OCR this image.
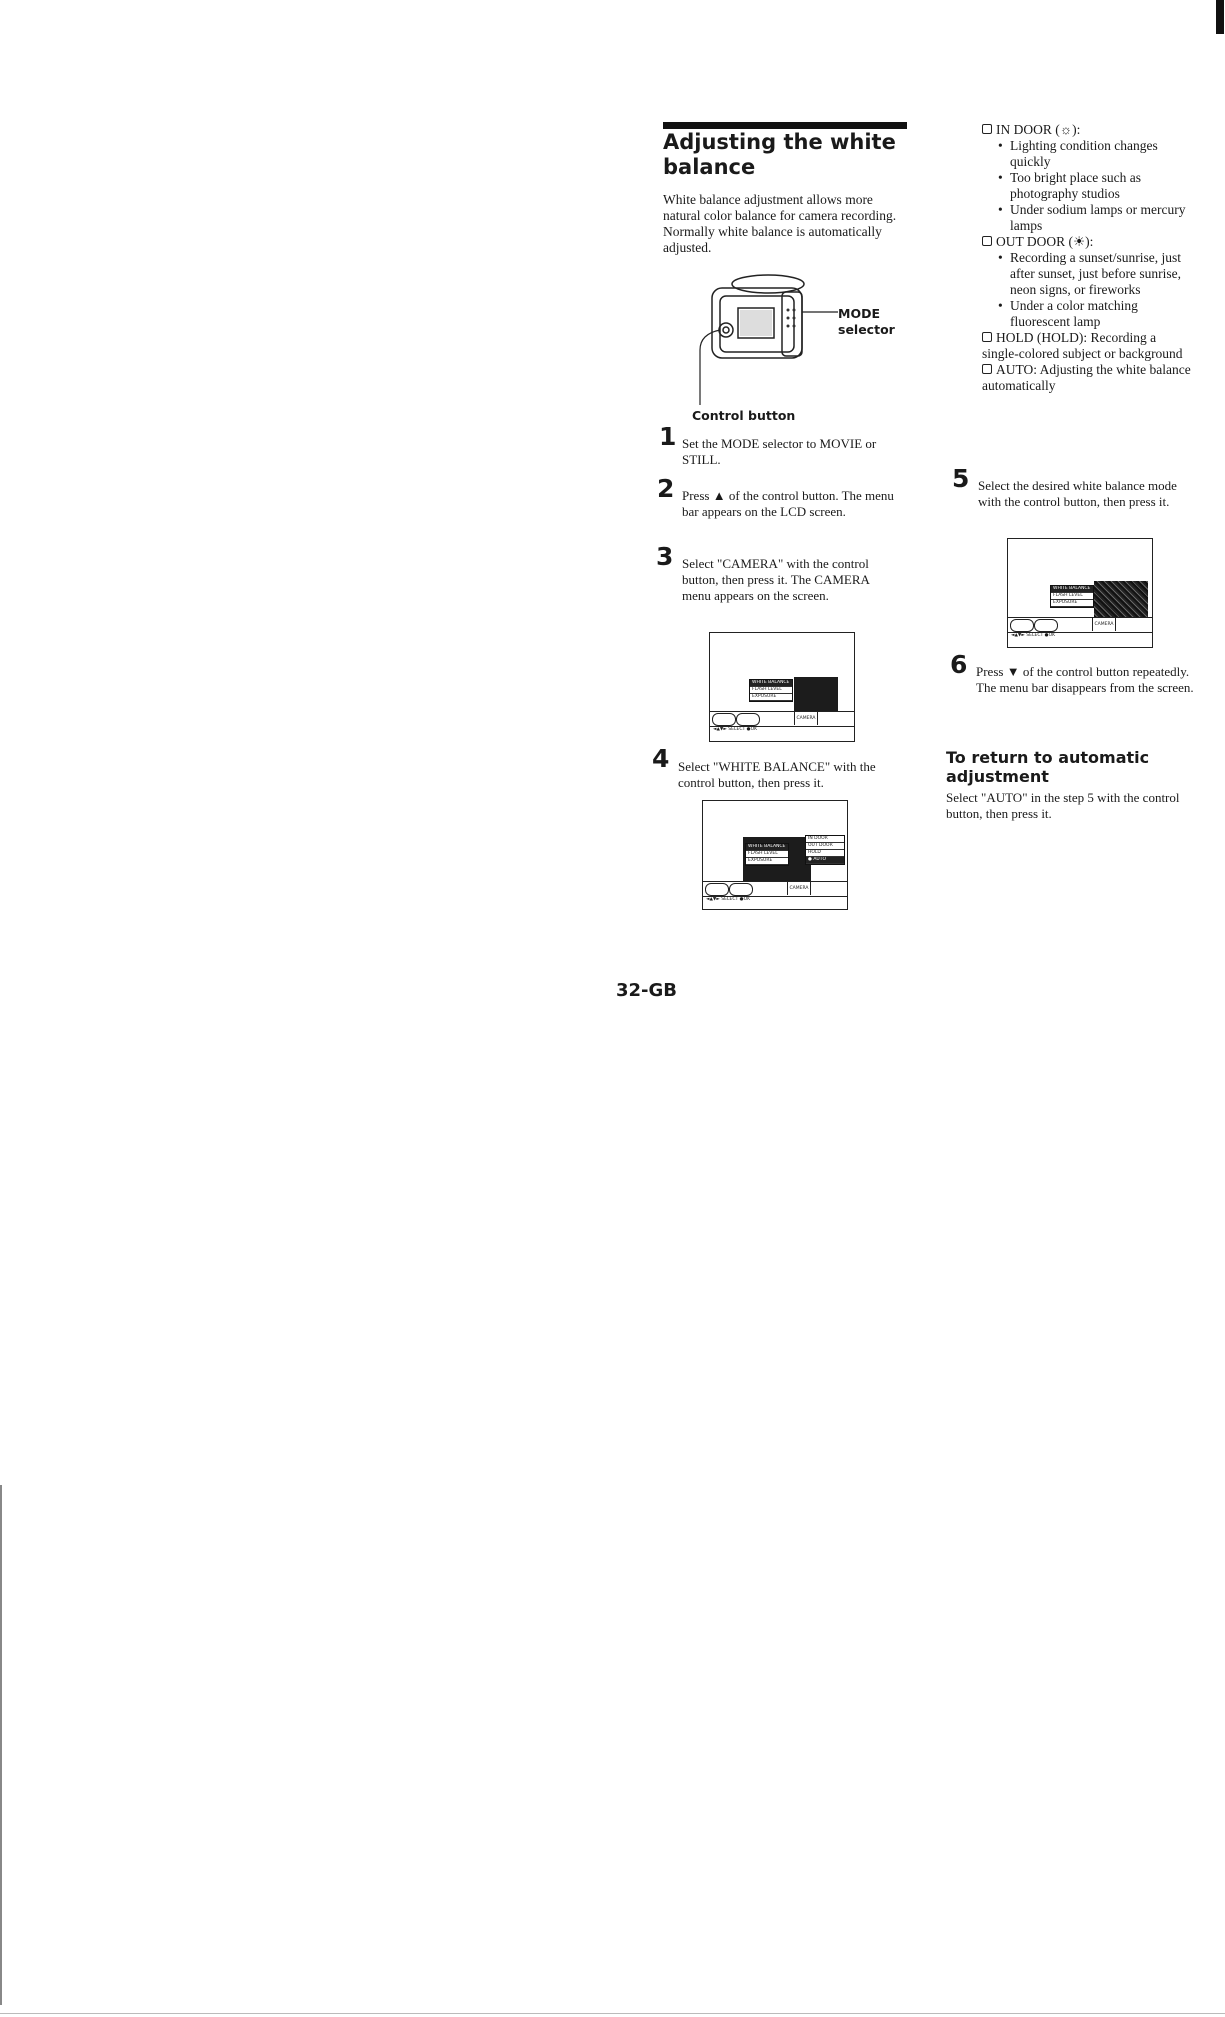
Adjusting the white balance
White balance adjustment allows more natural color balance for camera recording. Normally white balance is automatically adjusted.
MODE selector
Control button
1 Set the MODE selector to MOVIE or STILL.
2 Press ▲ of the control button. The menu bar appears on the LCD screen.
3 Select "CAMERA" with the control button, then press it. The CAMERA menu appears on the screen.
WHITE BALANCE
FLASH LEVEL
EXPOSURE
CAMERA
◄▲▼► SELECT ●OK
4 Select "WHITE BALANCE" with the control button, then press it.
WHITE BALANCE
FLASH LEVEL
EXPOSURE
IN DOOR
OUT DOOR
HOLD
● AUTO
CAMERA
◄▲▼► SELECT ●OK

IN DOOR (☼):

• Lighting condition changes quickly

• Too bright place such as photography studios

• Under sodium lamps or mercury lamps

OUT DOOR (☀):

• Recording a sunset/sunrise, just after sunset, just before sunrise, neon signs, or fireworks

• Under a color matching fluorescent lamp

HOLD (HOLD): Recording a single-colored subject or background

AUTO: Adjusting the white balance automatically

5 Select the desired white balance mode with the control button, then press it.
WHITE BALANCE
FLASH LEVEL
EXPOSURE
CAMERA
◄▲▼► SELECT ●OK
6 Press ▼ of the control button repeatedly. The menu bar disappears from the screen.
To return to automatic adjustment
Select "AUTO" in the step 5 with the control button, then press it.
32-GB
